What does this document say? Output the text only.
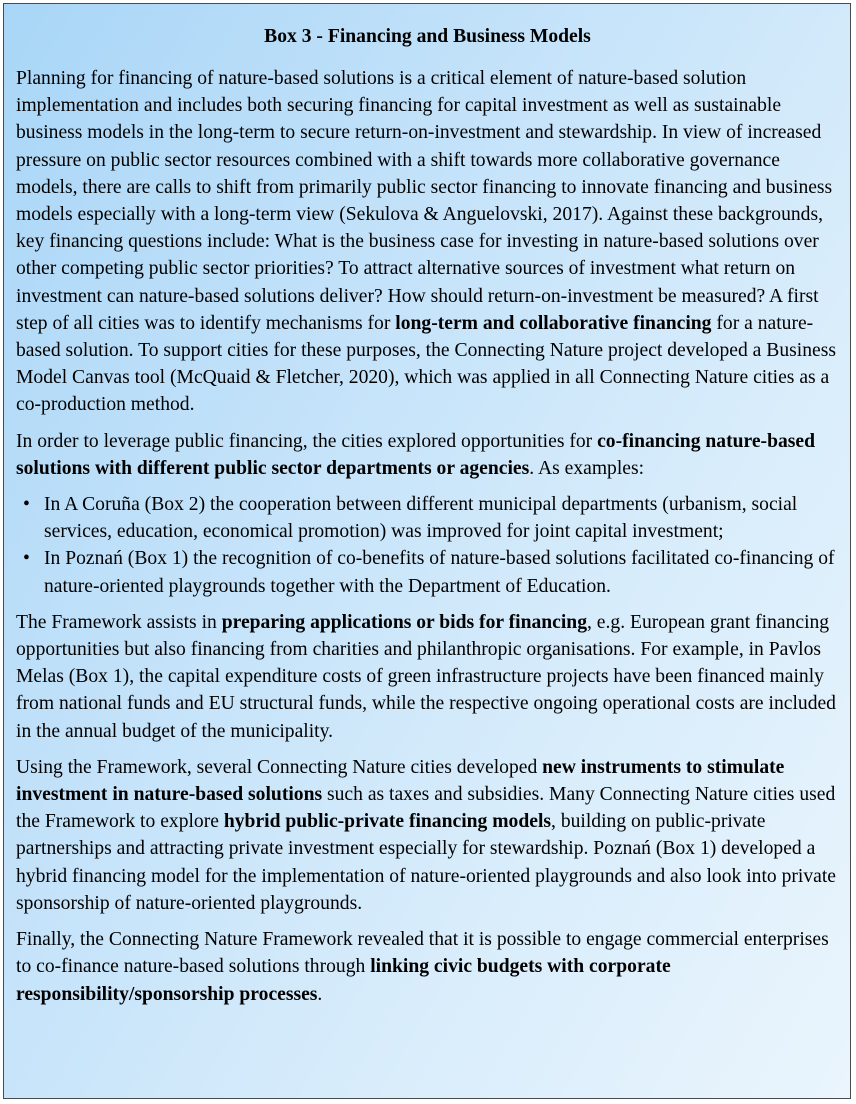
Box 3 - Financing and Business Models

Planning for financing of nature-based solutions is a critical element of nature-based solution implementation and includes both securing financing for capital investment as well as sustainable business models in the long-term to secure return-on-investment and stewardship. In view of increased pressure on public sector resources combined with a shift towards more collaborative governance models, there are calls to shift from primarily public sector financing to innovate financing and business models especially with a long-term view (Sekulova & Anguelovski, 2017). Against these backgrounds, key financing questions include: What is the business case for investing in nature-based solutions over other competing public sector priorities? To attract alternative sources of investment what return on investment can nature-based solutions deliver? How should return-on-investment be measured? A first step of all cities was to identify mechanisms for long-term and collaborative financing for a nature-based solution. To support cities for these purposes, the Connecting Nature project developed a Business Model Canvas tool (McQuaid & Fletcher, 2020), which was applied in all Connecting Nature cities as a co-production method.

In order to leverage public financing, the cities explored opportunities for co-financing nature-based solutions with different public sector departments or agencies. As examples:

• In A Coruña (Box 2) the cooperation between different municipal departments (urbanism, social services, education, economical promotion) was improved for joint capital investment;
• In Poznań (Box 1) the recognition of co-benefits of nature-based solutions facilitated co-financing of nature-oriented playgrounds together with the Department of Education.

The Framework assists in preparing applications or bids for financing, e.g. European grant financing opportunities but also financing from charities and philanthropic organisations. For example, in Pavlos Melas (Box 1), the capital expenditure costs of green infrastructure projects have been financed mainly from national funds and EU structural funds, while the respective ongoing operational costs are included in the annual budget of the municipality.

Using the Framework, several Connecting Nature cities developed new instruments to stimulate investment in nature-based solutions such as taxes and subsidies. Many Connecting Nature cities used the Framework to explore hybrid public-private financing models, building on public-private partnerships and attracting private investment especially for stewardship. Poznań (Box 1) developed a hybrid financing model for the implementation of nature-oriented playgrounds and also look into private sponsorship of nature-oriented playgrounds.

Finally, the Connecting Nature Framework revealed that it is possible to engage commercial enterprises to co-finance nature-based solutions through linking civic budgets with corporate responsibility/sponsorship processes.
